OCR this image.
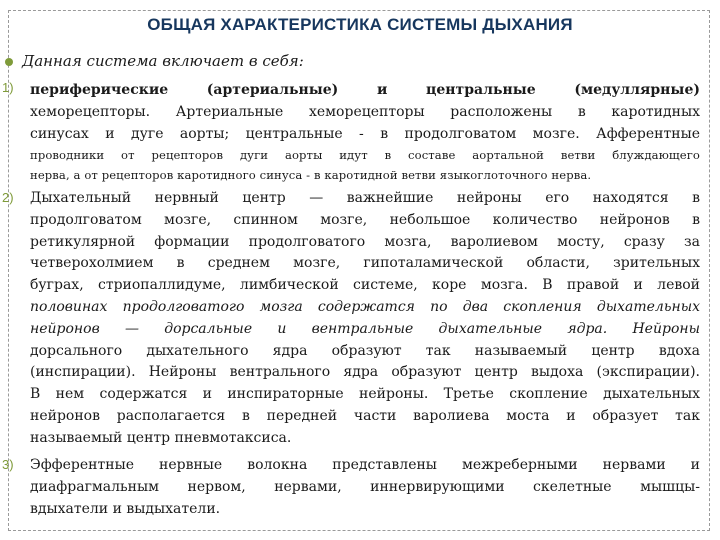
ОБЩАЯ ХАРАКТЕРИСТИКА СИСТЕМЫ ДЫХАНИЯ
Данная система включает в себя:
1) периферические (артериальные) и центральные (медуллярные)
хеморецепторы. Артериальные хеморецепторы расположены в каротидных
синусах и дуге аорты; центральные - в продолговатом мозге. Афферентные
проводники от рецепторов дуги аорты идут в составе аортальной ветви блуждающего
нерва, а от рецепторов каротидного синуса - в каротидной ветви языкоглоточного нерва.
2) Дыхательный нервный центр — важнейшие нейроны его находятся в
продолговатом мозге, спинном мозге, небольшое количество нейронов в
ретикулярной формации продолговатого мозга, варолиевом мосту, сразу за
четверохолмием в среднем мозге, гипоталамической области, зрительных
буграх, стриопаллидуме, лимбической системе, коре мозга. В правой и левой
половинах продолговатого мозга содержатся по два скопления дыхательных
нейронов — дорсальные и вентральные дыхательные ядра. Нейроны
дорсального дыхательного ядра образуют так называемый центр вдоха
(инспирации). Нейроны вентрального ядра образуют центр выдоха (экспирации).
В нем содержатся и инспираторные нейроны. Третье скопление дыхательных
нейронов располагается в передней части варолиева моста и образует так
называемый центр пневмотаксиса.
3) Эфферентные нервные волокна представлены межреберными нервами и
диафрагмальным нервом, нервами, иннервирующими скелетные мышцы-
вдыхатели и выдыхатели.
